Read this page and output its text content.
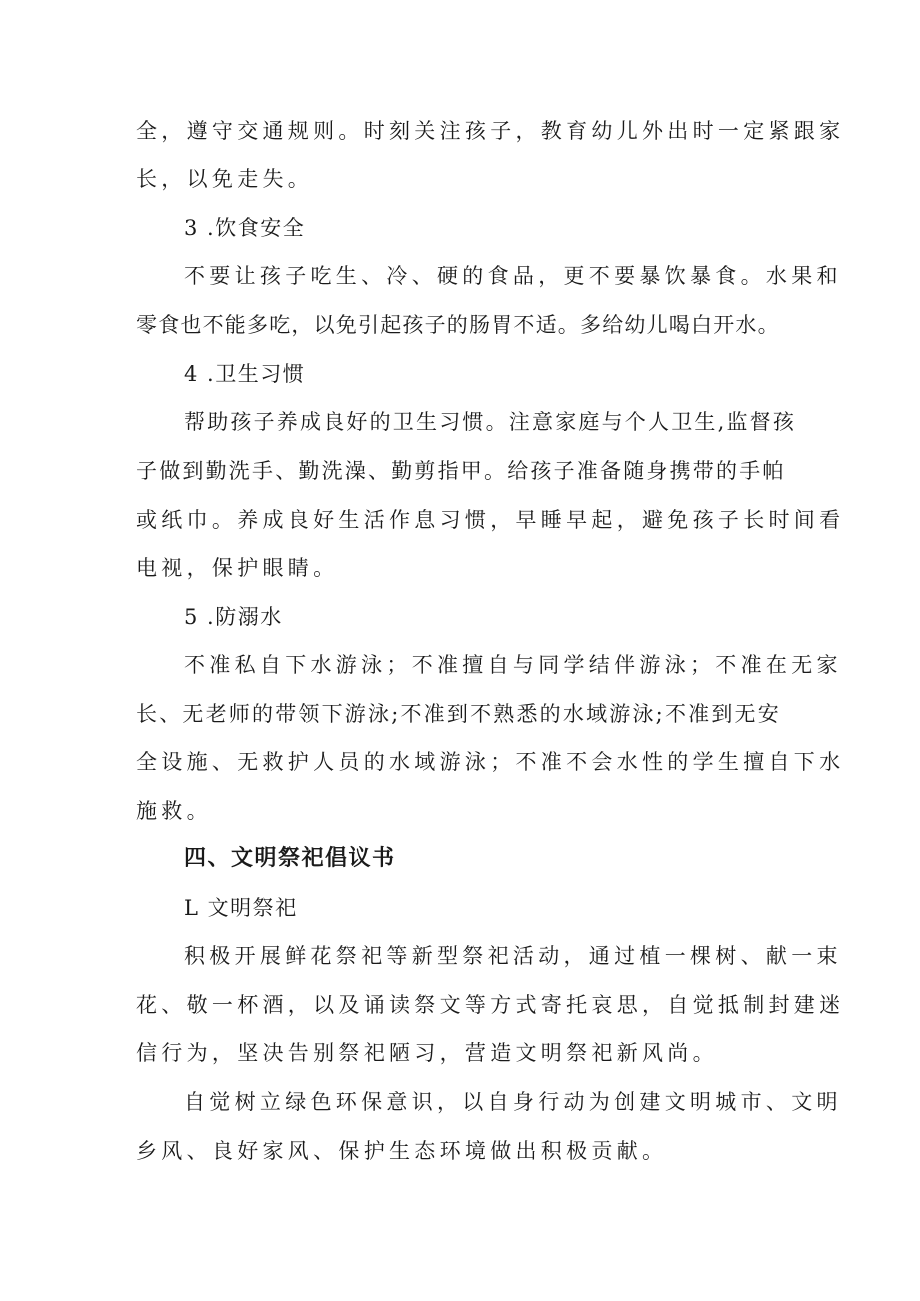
全，遵守交通规则。时刻关注孩子，教育幼儿外出时一定紧跟家
长，以免走失。
3 .饮食安全
不要让孩子吃生、冷、硬的食品，更不要暴饮暴食。水果和
零食也不能多吃，以免引起孩子的肠胃不适。多给幼儿喝白开水。
4 .卫生习惯
帮助孩子养成良好的卫生习惯。注意家庭与个人卫生,监督孩
子做到勤洗手、勤洗澡、勤剪指甲。给孩子准备随身携带的手帕
或纸巾。养成良好生活作息习惯，早睡早起，避免孩子长时间看
电视，保护眼睛。
5 .防溺水
不准私自下水游泳；不准擅自与同学结伴游泳；不准在无家
长、无老师的带领下游泳;不准到不熟悉的水域游泳;不准到无安
全设施、无救护人员的水域游泳；不准不会水性的学生擅自下水
施救。
四、文明祭祀倡议书
L 文明祭祀
积极开展鲜花祭祀等新型祭祀活动，通过植一棵树、献一束
花、敬一杯酒，以及诵读祭文等方式寄托哀思，自觉抵制封建迷
信行为，坚决告别祭祀陋习，营造文明祭祀新风尚。
自觉树立绿色环保意识，以自身行动为创建文明城市、文明
乡风、良好家风、保护生态环境做出积极贡献。
